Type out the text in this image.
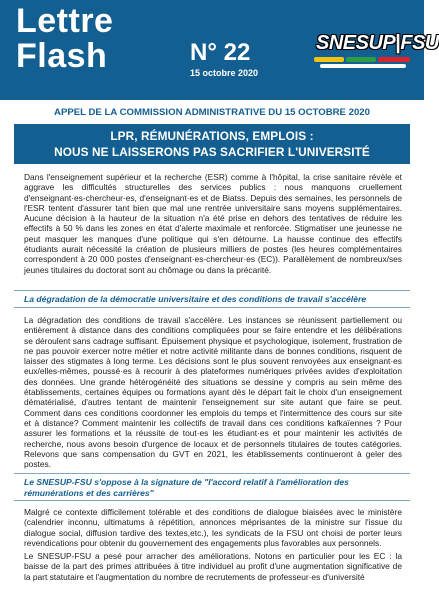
Lettre
Flash	N° 22
15 octobre 2020
SNESUP|FSU
APPEL DE LA COMMISSION ADMINISTRATIVE DU 15 OCTOBRE 2020
LPR, RÉMUNÉRATIONS, EMPLOIS :
NOUS NE LAISSERONS PAS SACRIFIER L'UNIVERSITÉ
Dans l'enseignement supérieur et la recherche (ESR) comme à l'hôpital, la crise sanitaire révèle et aggrave les difficultés structurelles des services publics : nous manquons cruellement d'enseignant·es-chercheur·es, d'enseignant·es et de Biatss. Depuis des semaines, les personnels de l'ESR tentent d'assurer tant bien que mal une rentrée universitaire sans moyens supplémentaires. Aucune décision à la hauteur de la situation n'a été prise en dehors des tentatives de réduire les effectifs à 50 % dans les zones en état d'alerte maximale et renforcée. Stigmatiser une jeunesse ne peut masquer les manques d'une politique qui s'en détourne. La hausse continue des effectifs étudiants aurait nécessité la création de plusieurs milliers de postes (les heures complémentaires correspondent à 20 000 postes d'enseignant·es-chercheur·es (EC)). Parallèlement de nombreux/ses jeunes titulaires du doctorat sont au chômage ou dans la précarité.
La dégradation de la démocratie universitaire et des conditions de travail s'accélère
La dégradation des conditions de travail s'accélère. Les instances se réunissent partiellement ou entièrement à distance dans des conditions compliquées pour se faire entendre et les délibérations se déroulent sans cadrage suffisant. Épuisement physique et psychologique, isolement, frustration de ne pas pouvoir exercer notre métier et notre activité militante dans de bonnes conditions, risquent de laisser des stigmates à long terme. Les décisions sont le plus souvent renvoyées aux enseignant·es eux/elles-mêmes, poussé·es à recourir à des plateformes numériques privées avides d'exploitation des données. Une grande hétérogénéité des situations se dessine y compris au sein même des établissements, certaines équipes ou formations ayant dès le départ fait le choix d'un enseignement dématérialisé, d'autres tentant de maintenir l'enseignement sur site autant que faire se peut. Comment dans ces conditions coordonner les emplois du temps et l'intermittence des cours sur site et à distance? Comment maintenir les collectifs de travail dans ces conditions kafkaïennes ? Pour assurer les formations et la réussite de tout·es les étudiant·es et pour maintenir les activités de recherche, nous avons besoin d'urgence de locaux et de personnels titulaires de toutes catégories. Relevons que sans compensation du GVT en 2021, les établissements continueront à geler des postes.
Le SNESUP-FSU s'oppose à la signature de "l'accord relatif à l'amélioration des rémunérations et des carrières"
Malgré ce contexte difficilement tolérable et des conditions de dialogue biaisées avec le ministère (calendrier inconnu, ultimatums à répétition, annonces méprisantes de la ministre sur l'issue du dialogue social, diffusion tardive des textes,etc.), les syndicats de la FSU ont choisi de porter leurs revendications pour obtenir du gouvernement des engagements plus favorables aux personnels.
Le SNESUP-FSU a pesé pour arracher des améliorations. Notons en particulier pour les EC : la baisse de la part des primes attribuées à titre individuel au profit d'une augmentation significative de la part statutaire et l'augmentation du nombre de recrutements de professeur·es d'université
